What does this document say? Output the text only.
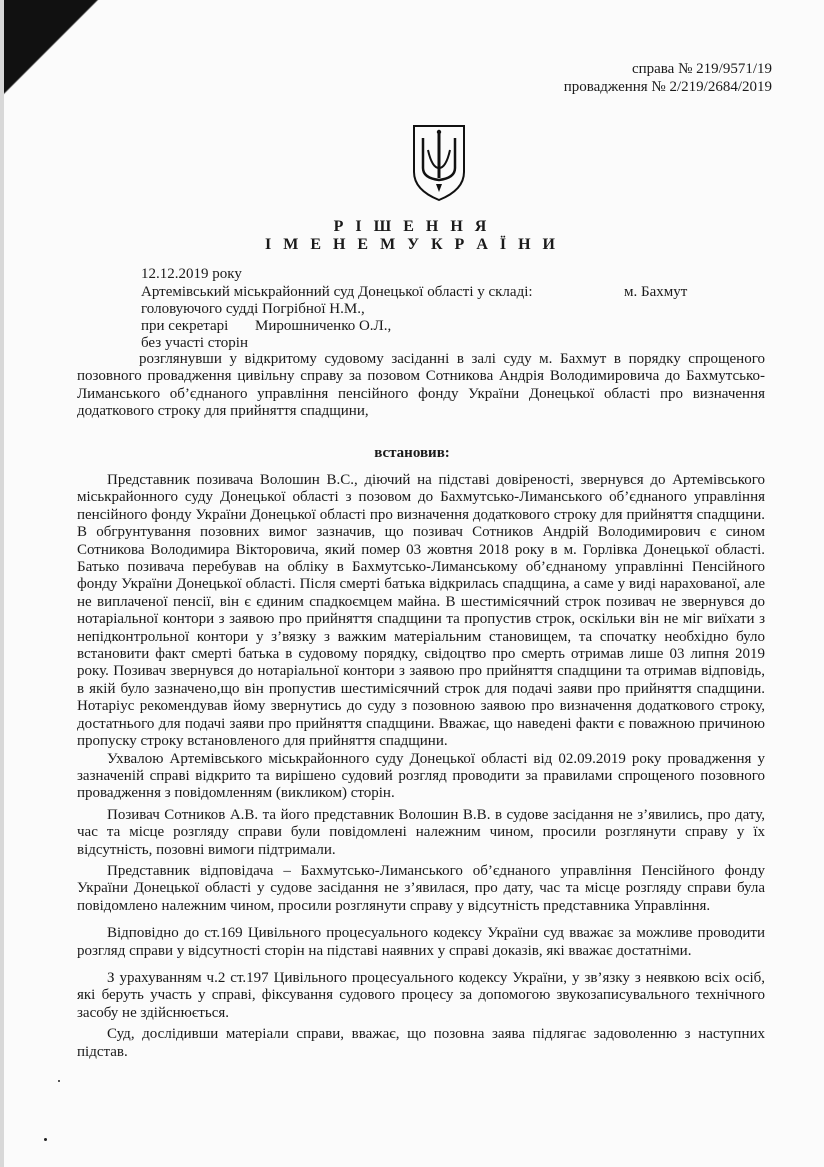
справа № 219/9571/19
провадження № 2/219/2684/2019
Р І Ш Е Н Н Я
І М Е Н Е М У К Р А Ї Н И
12.12.2019 року
Артемівський міськрайонний суд Донецької області у складі:	м. Бахмут
головуючого судді Погрібної Н.М.,
при секретарі Мирошниченко О.Л.,
без участі сторін

розглянувши у відкритому судовому засіданні в залі суду м. Бахмут в порядку спрощеного позовного провадження цивільну справу за позовом Сотникова Андрія Володимировича до Бахмутсько-Лиманського об’єднаного управління пенсійного фонду України Донецької області про визначення додаткового строку для прийняття спадщини,

встановив:

Представник позивача Волошин В.С., діючий на підставі довіреності, звернувся до Артемівського міськрайонного суду Донецької області з позовом до Бахмутсько-Лиманського об’єднаного управління пенсійного фонду України Донецької області про визначення додаткового строку для прийняття спадщини. В обгрунтування позовних вимог зазначив, що позивач Сотников Андрій Володимирович є сином Сотникова Володимира Вікторовича, який помер 03 жовтня 2018 року в м. Горлівка Донецької області. Батько позивача перебував на обліку в Бахмутсько-Лиманському об’єднаному управлінні Пенсійного фонду України Донецької області. Після смерті батька відкрилась спадщина, а саме у виді нарахованої, але не виплаченої пенсії, він є єдиним спадкоємцем майна. В шестимісячний строк позивач не звернувся до нотаріальної контори з заявою про прийняття спадщини та пропустив строк, оскільки він не міг виїхати з непідконтрольної контори у з’вязку з важким матеріальним становищем, та спочатку необхідно було встановити факт смерті батька в судовому порядку, свідоцтво про смерть отримав лише 03 липня 2019 року. Позивач звернувся до нотаріальної контори з заявою про прийняття спадщини та отримав відповідь, в якій було зазначено,що він пропустив шестимісячний строк для подачі заяви про прийняття спадщини. Нотаріус рекомендував йому звернутись до суду з позовною заявою про визначення додаткового строку, достатнього для подачі заяви про прийняття спадщини. Вважає, що наведені факти є поважною причиною пропуску строку встановленого для прийняття спадщини.

Ухвалою Артемівського міськрайонного суду Донецької області від 02.09.2019 року провадження у зазначеній справі відкрито та вирішено судовий розгляд проводити за правилами спрощеного позовного провадження з повідомленням (викликом) сторін.

Позивач Сотников А.В. та його представник Волошин В.В. в судове засідання не з’явились, про дату, час та місце розгляду справи були повідомлені належним чином, просили розглянути справу у їх відсутність, позовні вимоги підтримали.

Представник відповідача – Бахмутсько-Лиманського об’єднаного управління Пенсійного фонду України Донецької області у судове засідання не з’явилася, про дату, час та місце розгляду справи була повідомлено належним чином, просили розглянути справу у відсутність представника Управління.

Відповідно до ст.169 Цивільного процесуального кодексу України суд вважає за можливе проводити розгляд справи у відсутності сторін на підставі наявних у справі доказів, які вважає достатніми.

З урахуванням ч.2 ст.197 Цивільного процесуального кодексу України, у зв’язку з неявкою всіх осіб, які беруть участь у справі, фіксування судового процесу за допомогою звукозаписувального технічного засобу не здійснюється.

Суд, дослідивши матеріали справи, вважає, що позовна заява підлягає задоволенню з наступних підстав.
